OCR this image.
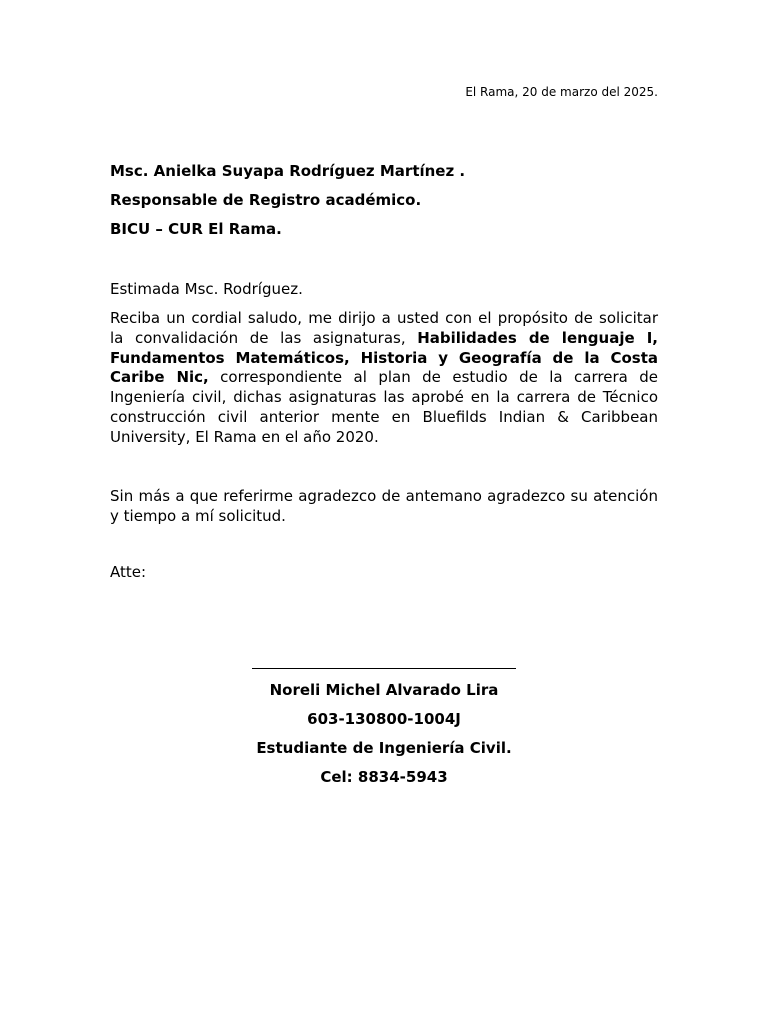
El Rama, 20 de marzo del 2025.
Msc. Anielka Suyapa Rodríguez Martínez .
Responsable de Registro académico.
BICU – CUR El Rama.
Estimada Msc. Rodríguez.
Reciba un cordial saludo, me dirijo a usted con el propósito de solicitar la convalidación de las asignaturas, Habilidades de lenguaje I, Fundamentos Matemáticos, Historia y Geografía de la Costa Caribe Nic, correspondiente al plan de estudio de la carrera de Ingeniería civil, dichas asignaturas las aprobé en la carrera de Técnico construcción civil anterior mente en Bluefilds Indian & Caribbean University, El Rama en el año 2020.
Sin más a que referirme agradezco de antemano agradezco su atención y tiempo a mí solicitud.
Atte:
Noreli Michel Alvarado Lira
603-130800-1004J
Estudiante de Ingeniería Civil.
Cel: 8834-5943
